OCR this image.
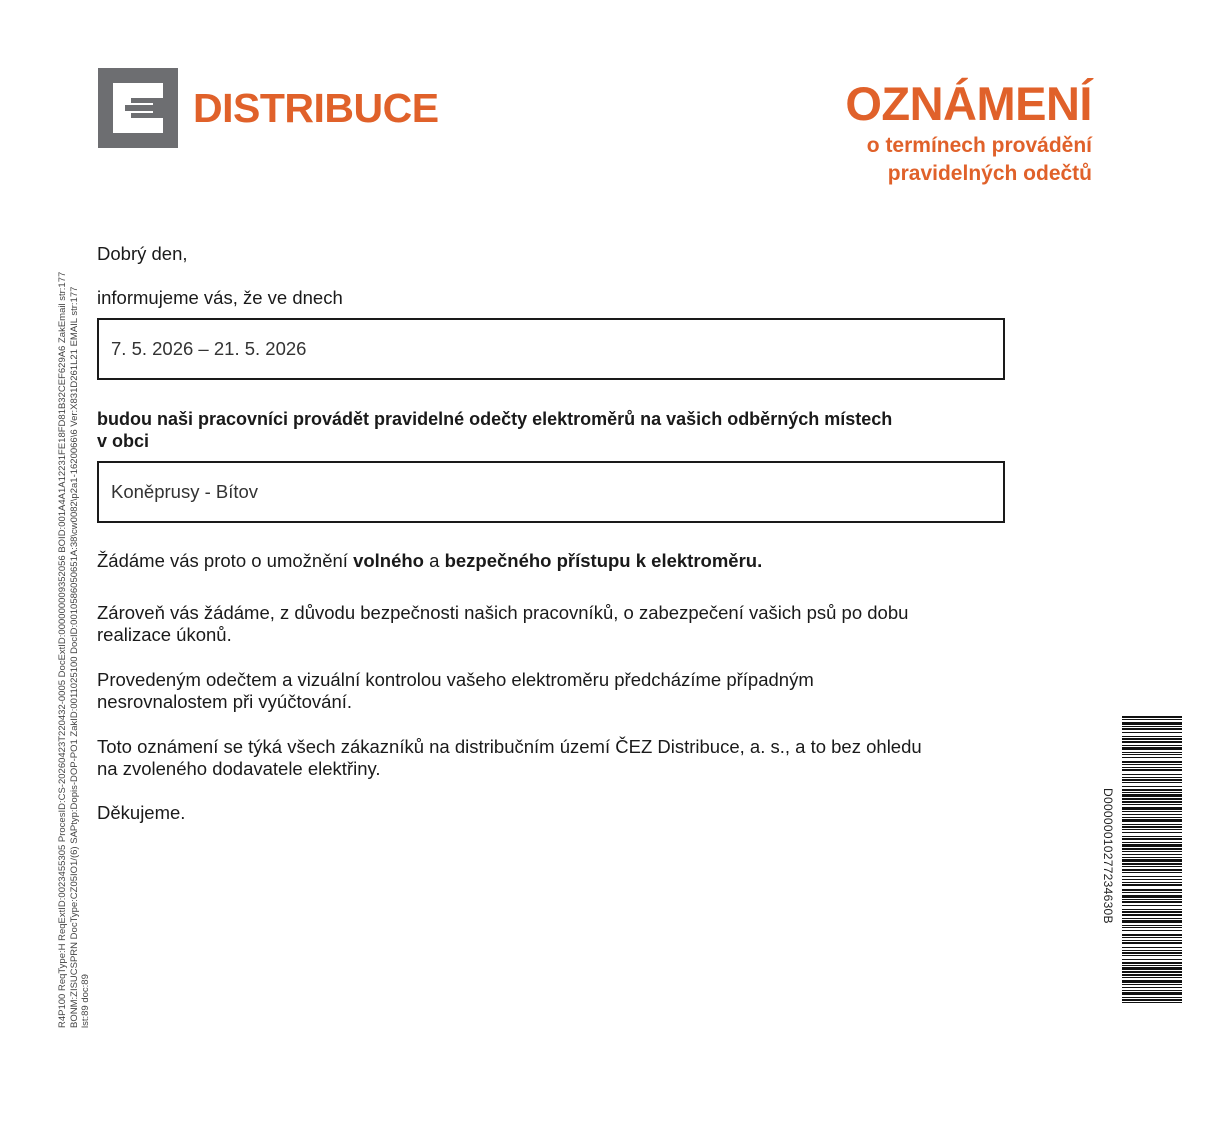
DISTRIBUCE	OZNÁMENÍ
o termínech provádění
pravidelných odečtů
Dobrý den,
informujeme vás, že ve dnech
7. 5. 2026 – 21. 5. 2026
budou naši pracovníci provádět pravidelné odečty elektroměrů na vašich odběrných místech
v obci
Koněprusy - Bítov
Žádáme vás proto o umožnění volného a bezpečného přístupu k elektroměru.
Zároveň vás žádáme, z důvodu bezpečnosti našich pracovníků, o zabezpečení vašich psů po dobu
realizace úkonů.
Provedeným odečtem a vizuální kontrolou vašeho elektroměru předcházíme případným
nesrovnalostem při vyúčtování.
Toto oznámení se týká všech zákazníků na distribučním území ČEZ Distribuce, a. s., a to bez ohledu
na zvoleného dodavatele elektřiny.
Děkujeme.
R4P100 ReqType:H ReqExtID:0023455305 ProcesID:CS-20260423T220432-0005 DocExtID:000000009352056 BOID:001A4A1A12231FE18FD81B32CEF629A6 ZakEmail str:177 BONM:ZISUCSPRN DocType:CZ05IO1/(6) SAPtyp:Dopis-DOP-PO1 ZakID:0011025100 DocID:0010586050651A:38\cw0082\p2a1-1620066\6 Ver:X831D261L21 EMAIL str:177 lst:89 doc:89
D00000010277234630B
